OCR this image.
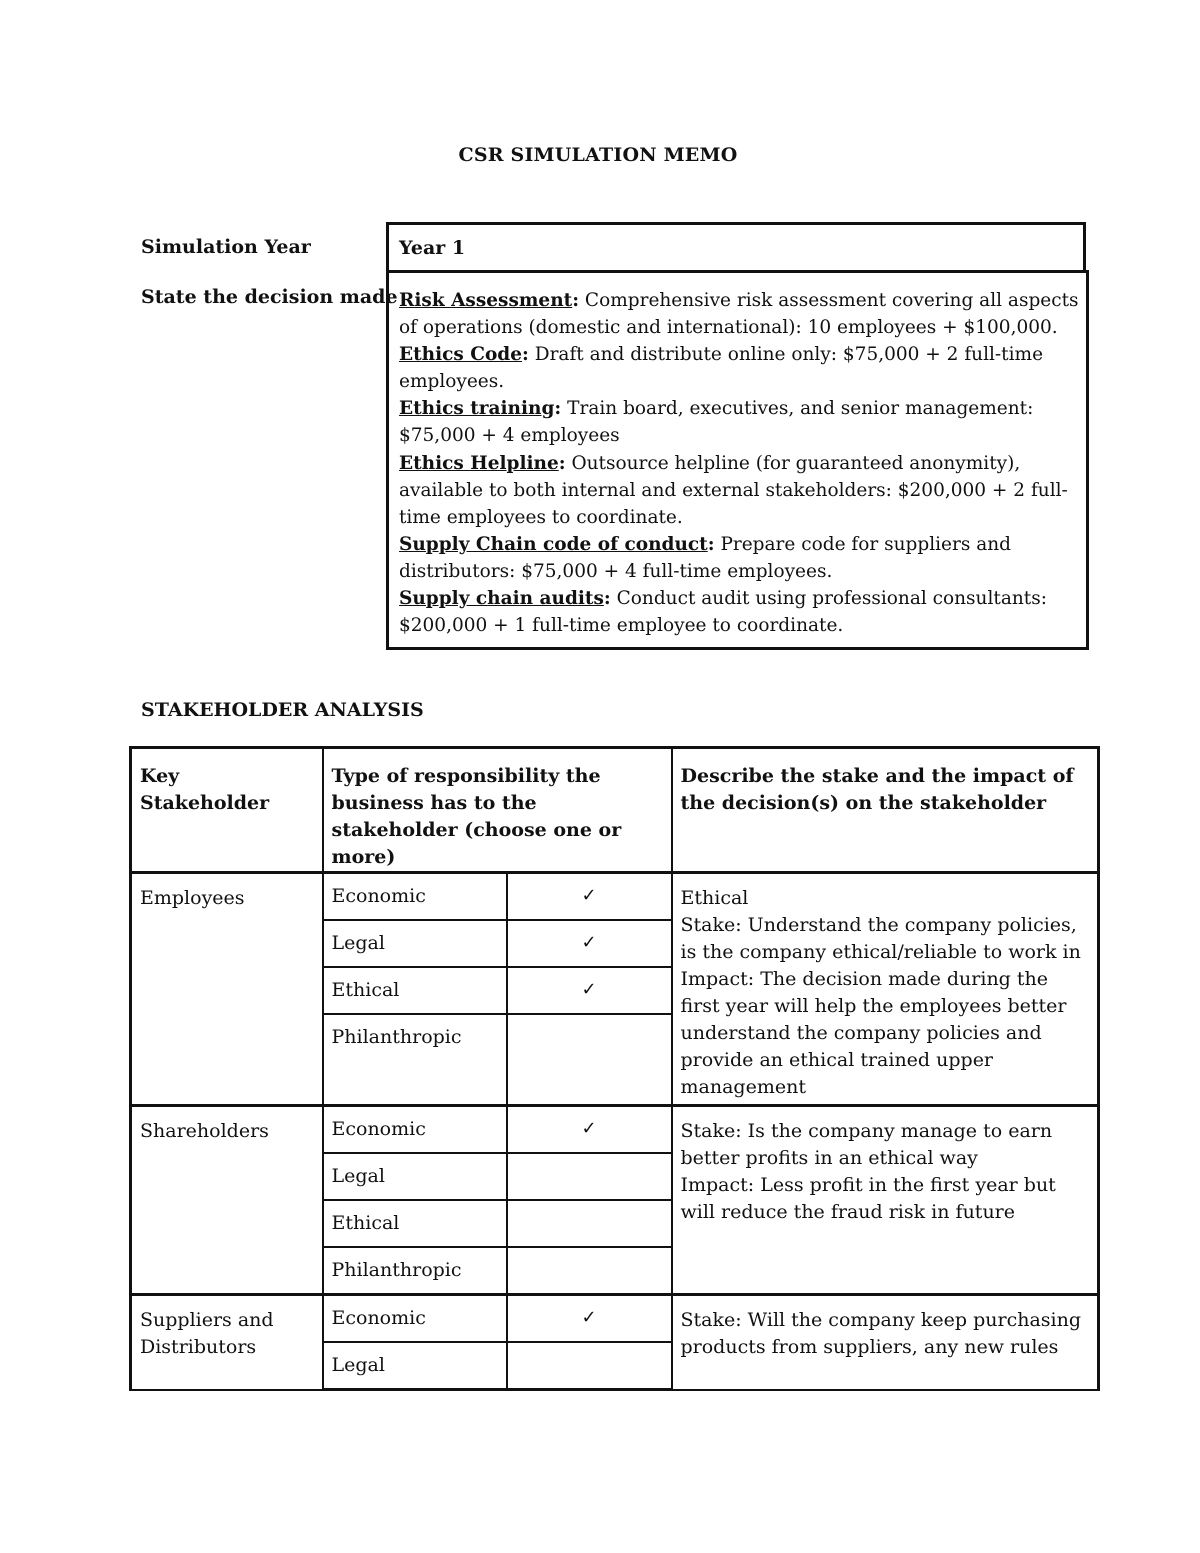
CSR SIMULATION MEMO
Simulation Year	Year 1
State the decision made Risk Assessment: Comprehensive risk assessment covering all aspects of operations (domestic and international): 10 employees + $100,000.
Ethics Code: Draft and distribute online only: $75,000 + 2 full-time employees.
Ethics training: Train board, executives, and senior management: $75,000 + 4 employees
Ethics Helpline: Outsource helpline (for guaranteed anonymity), available to both internal and external stakeholders: $200,000 + 2 full-time employees to coordinate.
Supply Chain code of conduct: Prepare code for suppliers and distributors: $75,000 + 4 full-time employees.
Supply chain audits: Conduct audit using professional consultants: $200,000 + 1 full-time employee to coordinate.
STAKEHOLDER ANALYSIS
Key Stakeholder	Type of responsibility the business has to the stakeholder (choose one or more)		Describe the stake and the impact of the decision(s) on the stakeholder
Employees	Economic	✓	Ethical
Stake: Understand the company policies, is the company ethical/reliable to work in
Impact: The decision made during the first year will help the employees better understand the company policies and provide an ethical trained upper management

	Legal	✓	
	Ethical	✓	
	Philanthropic		
Shareholders	Economic	✓	Stake: Is the company manage to earn better profits in an ethical way
Impact: Less profit in the first year but will reduce the fraud risk in future

	Legal		
	Ethical		
	Philanthropic		
Suppliers and Distributors	Economic	✓	Stake: Will the company keep purchasing products from suppliers, any new rules

	Legal		
